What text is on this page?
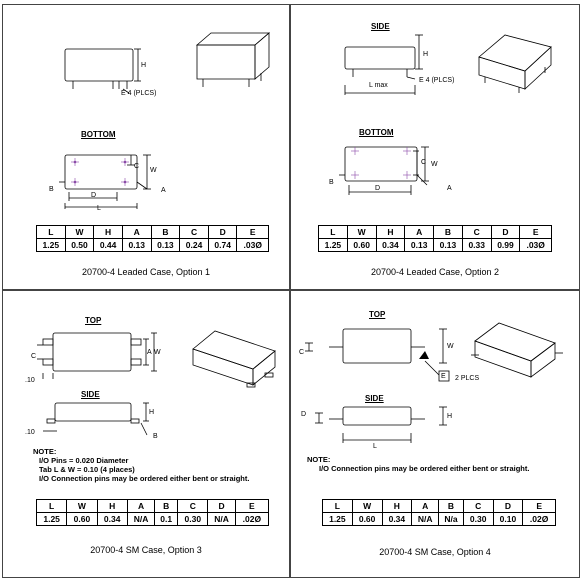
H
E 4 (PLCS)
BOTTOM
C
W
B	A
D
L
L	W	H	A	B	C	D	E
1.25	0.50	0.44	0.13	0.13	0.24	0.74	.03Ø
20700-4 Leaded Case, Option 1
SIDE
H
L max
E 4 (PLCS)
BOTTOM
C W
B
A
D
L	W	H	A	B	C	D	E
1.25	0.60	0.34	0.13	0.13	0.33	0.99	.03Ø
20700-4 Leaded Case, Option 2
TOP
C
A W
.10
SIDE
H
.10
B
NOTE:
I/O Pins = 0.020 Diameter
Tab L & W = 0.10 (4 places)
I/O Connection pins may be ordered either bent or straight.
L	W	H	A	B	C	D	E
1.25	0.60	0.34	N/A	0.1	0.30	N/A	.02Ø
20700-4 SM Case, Option 3
TOP
C
W
E 2 PLCS
SIDE
D	H
L
NOTE:
I/O Connection pins may be ordered either bent or straight.
L	W	H	A	B	C	D	E
1.25	0.60	0.34	N/A	N/a	0.30	0.10	.02Ø
20700-4 SM Case, Option 4
